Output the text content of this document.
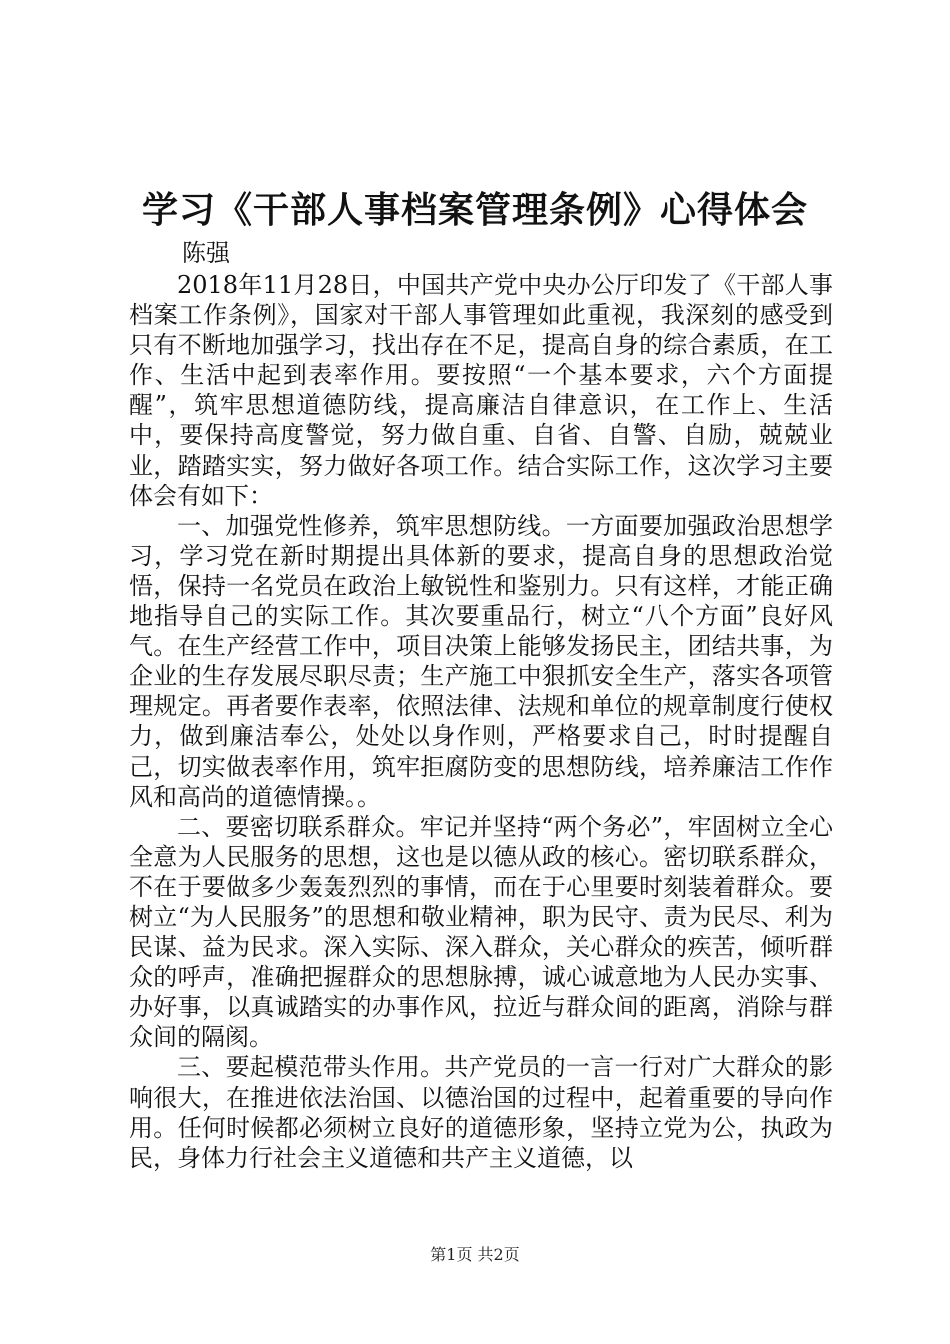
学习《干部人事档案管理条例》心得体会
陈强

2018年11月28日，中国共产党中央办公厅印发了《干部人事档案工作条例》，国家对干部人事管理如此重视，我深刻的感受到只有不断地加强学习，找出存在不足，提高自身的综合素质，在工作、生活中起到表率作用。要按照“一个基本要求，六个方面提醒”，筑牢思想道德防线，提高廉洁自律意识，在工作上、生活中，要保持高度警觉，努力做自重、自省、自警、自励，兢兢业业，踏踏实实，努力做好各项工作。结合实际工作，这次学习主要体会有如下：

一、加强党性修养，筑牢思想防线。一方面要加强政治思想学习，学习党在新时期提出具体新的要求，提高自身的思想政治觉悟，保持一名党员在政治上敏锐性和鉴别力。只有这样，才能正确地指导自己的实际工作。其次要重品行，树立“八个方面”良好风气。在生产经营工作中，项目决策上能够发扬民主，团结共事，为企业的生存发展尽职尽责；生产施工中狠抓安全生产，落实各项管理规定。再者要作表率，依照法律、法规和单位的规章制度行使权力，做到廉洁奉公，处处以身作则，严格要求自己，时时提醒自己，切实做表率作用，筑牢拒腐防变的思想防线，培养廉洁工作作风和高尚的道德情操。。

二、要密切联系群众。牢记并坚持“两个务必”，牢固树立全心全意为人民服务的思想，这也是以德从政的核心。密切联系群众，不在于要做多少轰轰烈烈的事情，而在于心里要时刻装着群众。要树立“为人民服务”的思想和敬业精神，职为民守、责为民尽、利为民谋、益为民求。深入实际、深入群众，关心群众的疾苦，倾听群众的呼声，准确把握群众的思想脉搏，诚心诚意地为人民办实事、办好事，以真诚踏实的办事作风，拉近与群众间的距离，消除与群众间的隔阂。

三、要起模范带头作用。共产党员的一言一行对广大群众的影响很大，在推进依法治国、以德治国的过程中，起着重要的导向作用。任何时候都必须树立良好的道德形象，坚持立党为公，执政为民，身体力行社会主义道德和共产主义道德，以

第1页 共2页
